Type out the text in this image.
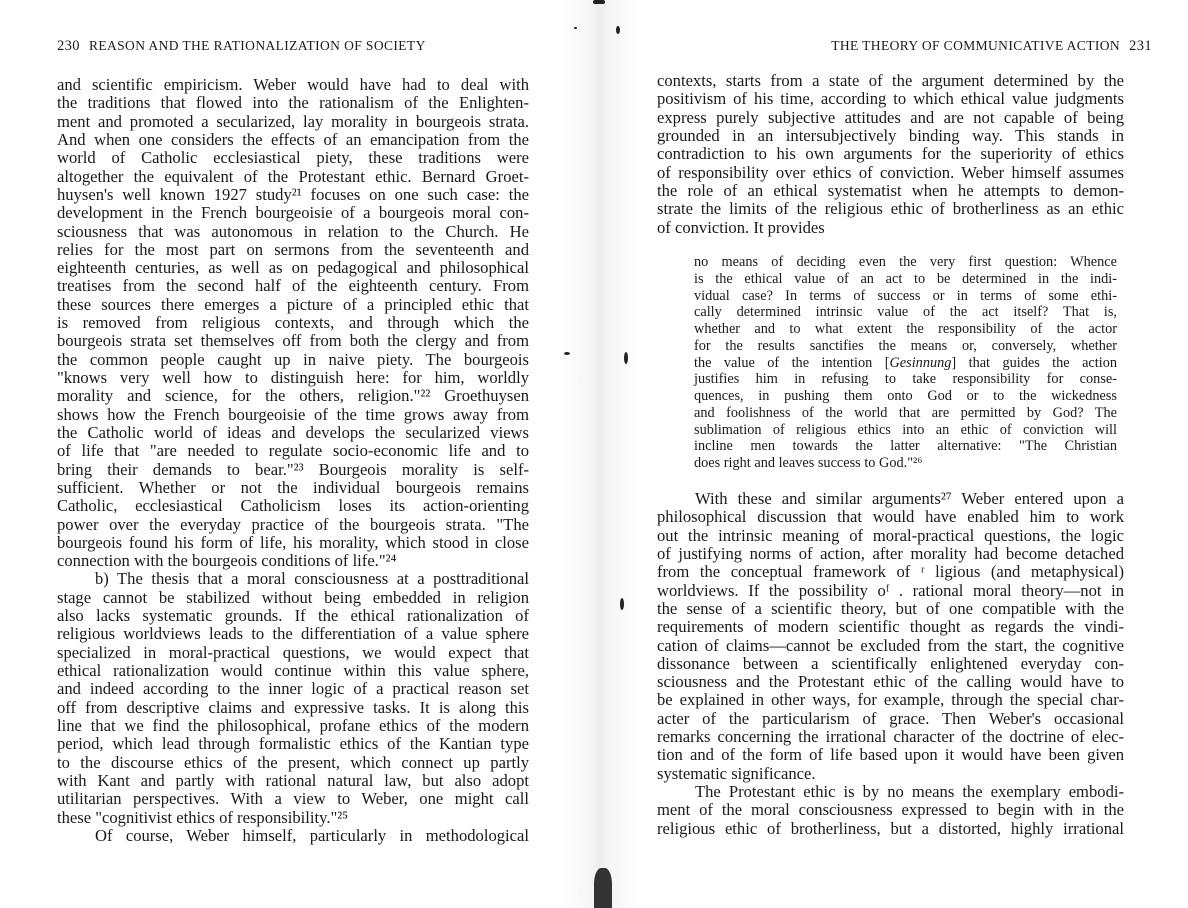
230 REASON AND THE RATIONALIZATION OF SOCIETY
and scientific empiricism. Weber would have had to deal with
the traditions that flowed into the rationalism of the Enlighten-
ment and promoted a secularized, lay morality in bourgeois strata.
And when one considers the effects of an emancipation from the
world of Catholic ecclesiastical piety, these traditions were
altogether the equivalent of the Protestant ethic. Bernard Groet-
huysen's well known 1927 study²¹ focuses on one such case: the
development in the French bourgeoisie of a bourgeois moral con-
sciousness that was autonomous in relation to the Church. He
relies for the most part on sermons from the seventeenth and
eighteenth centuries, as well as on pedagogical and philosophical
treatises from the second half of the eighteenth century. From
these sources there emerges a picture of a principled ethic that
is removed from religious contexts, and through which the
bourgeois strata set themselves off from both the clergy and from
the common people caught up in naive piety. The bourgeois
"knows very well how to distinguish here: for him, worldly
morality and science, for the others, religion."²² Groethuysen
shows how the French bourgeoisie of the time grows away from
the Catholic world of ideas and develops the secularized views
of life that "are needed to regulate socio-economic life and to
bring their demands to bear."²³ Bourgeois morality is self-
sufficient. Whether or not the individual bourgeois remains
Catholic, ecclesiastical Catholicism loses its action-orienting
power over the everyday practice of the bourgeois strata. "The
bourgeois found his form of life, his morality, which stood in close
connection with the bourgeois conditions of life."²⁴
b) The thesis that a moral consciousness at a posttraditional
stage cannot be stabilized without being embedded in religion
also lacks systematic grounds. If the ethical rationalization of
religious worldviews leads to the differentiation of a value sphere
specialized in moral-practical questions, we would expect that
ethical rationalization would continue within this value sphere,
and indeed according to the inner logic of a practical reason set
off from descriptive claims and expressive tasks. It is along this
line that we find the philosophical, profane ethics of the modern
period, which lead through formalistic ethics of the Kantian type
to the discourse ethics of the present, which connect up partly
with Kant and partly with rational natural law, but also adopt
utilitarian perspectives. With a view to Weber, one might call
these "cognitivist ethics of responsibility."²⁵
Of course, Weber himself, particularly in methodological
THE THEORY OF COMMUNICATIVE ACTION 231
contexts, starts from a state of the argument determined by the
positivism of his time, according to which ethical value judgments
express purely subjective attitudes and are not capable of being
grounded in an intersubjectively binding way. This stands in
contradiction to his own arguments for the superiority of ethics
of responsibility over ethics of conviction. Weber himself assumes
the role of an ethical systematist when he attempts to demon-
strate the limits of the religious ethic of brotherliness as an ethic
of conviction. It provides
no means of deciding even the very first question: Whence
is the ethical value of an act to be determined in the indi-
vidual case? In terms of success or in terms of some ethi-
cally determined intrinsic value of the act itself? That is,
whether and to what extent the responsibility of the actor
for the results sanctifies the means or, conversely, whether
the value of the intention [Gesinnung] that guides the action
justifies him in refusing to take responsibility for conse-
quences, in pushing them onto God or to the wickedness
and foolishness of the world that are permitted by God? The
sublimation of religious ethics into an ethic of conviction will
incline men towards the latter alternative: "The Christian
does right and leaves success to God."²⁶
With these and similar arguments²⁷ Weber entered upon a
philosophical discussion that would have enabled him to work
out the intrinsic meaning of moral-practical questions, the logic
of justifying norms of action, after morality had become detached
from the conceptual framework of ʳ ligious (and metaphysical)
worldviews. If the possibility oᶠ . rational moral theory—not in
the sense of a scientific theory, but of one compatible with the
requirements of modern scientific thought as regards the vindi-
cation of claims—cannot be excluded from the start, the cognitive
dissonance between a scientifically enlightened everyday con-
sciousness and the Protestant ethic of the calling would have to
be explained in other ways, for example, through the special char-
acter of the particularism of grace. Then Weber's occasional
remarks concerning the irrational character of the doctrine of elec-
tion and of the form of life based upon it would have been given
systematic significance.
The Protestant ethic is by no means the exemplary embodi-
ment of the moral consciousness expressed to begin with in the
religious ethic of brotherliness, but a distorted, highly irrational
